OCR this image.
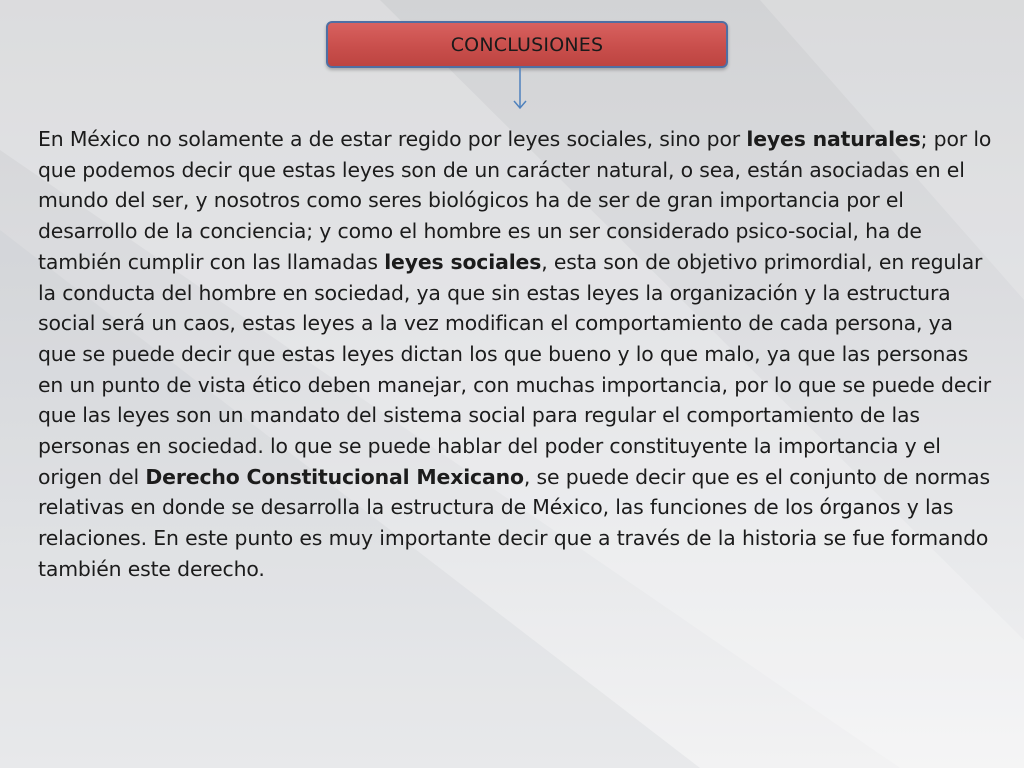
CONCLUSIONES

En México no solamente a de estar regido por leyes sociales, sino por leyes naturales; por lo que podemos decir que estas leyes son de un carácter natural, o sea, están asociadas en el mundo del ser, y nosotros como seres biológicos ha de ser de gran importancia por el desarrollo de la conciencia; y como el hombre es un ser considerado psico-social, ha de también cumplir con las llamadas leyes sociales, esta son de objetivo primordial, en regular la conducta del hombre en sociedad, ya que sin estas leyes la organización y la estructura social será un caos, estas leyes a la vez modifican el comportamiento de cada persona, ya que se puede decir que estas leyes dictan los que bueno y lo que malo, ya que las personas en un punto de vista ético deben manejar, con muchas importancia, por lo que se puede decir que las leyes son un mandato del sistema social para regular el comportamiento de las personas en sociedad. lo que se puede hablar del poder constituyente la importancia y el origen del Derecho Constitucional Mexicano, se puede decir que es el conjunto de normas relativas en donde se desarrolla la estructura de México, las funciones de los órganos y las relaciones. En este punto es muy importante decir que a través de la historia se fue formando también este derecho.
